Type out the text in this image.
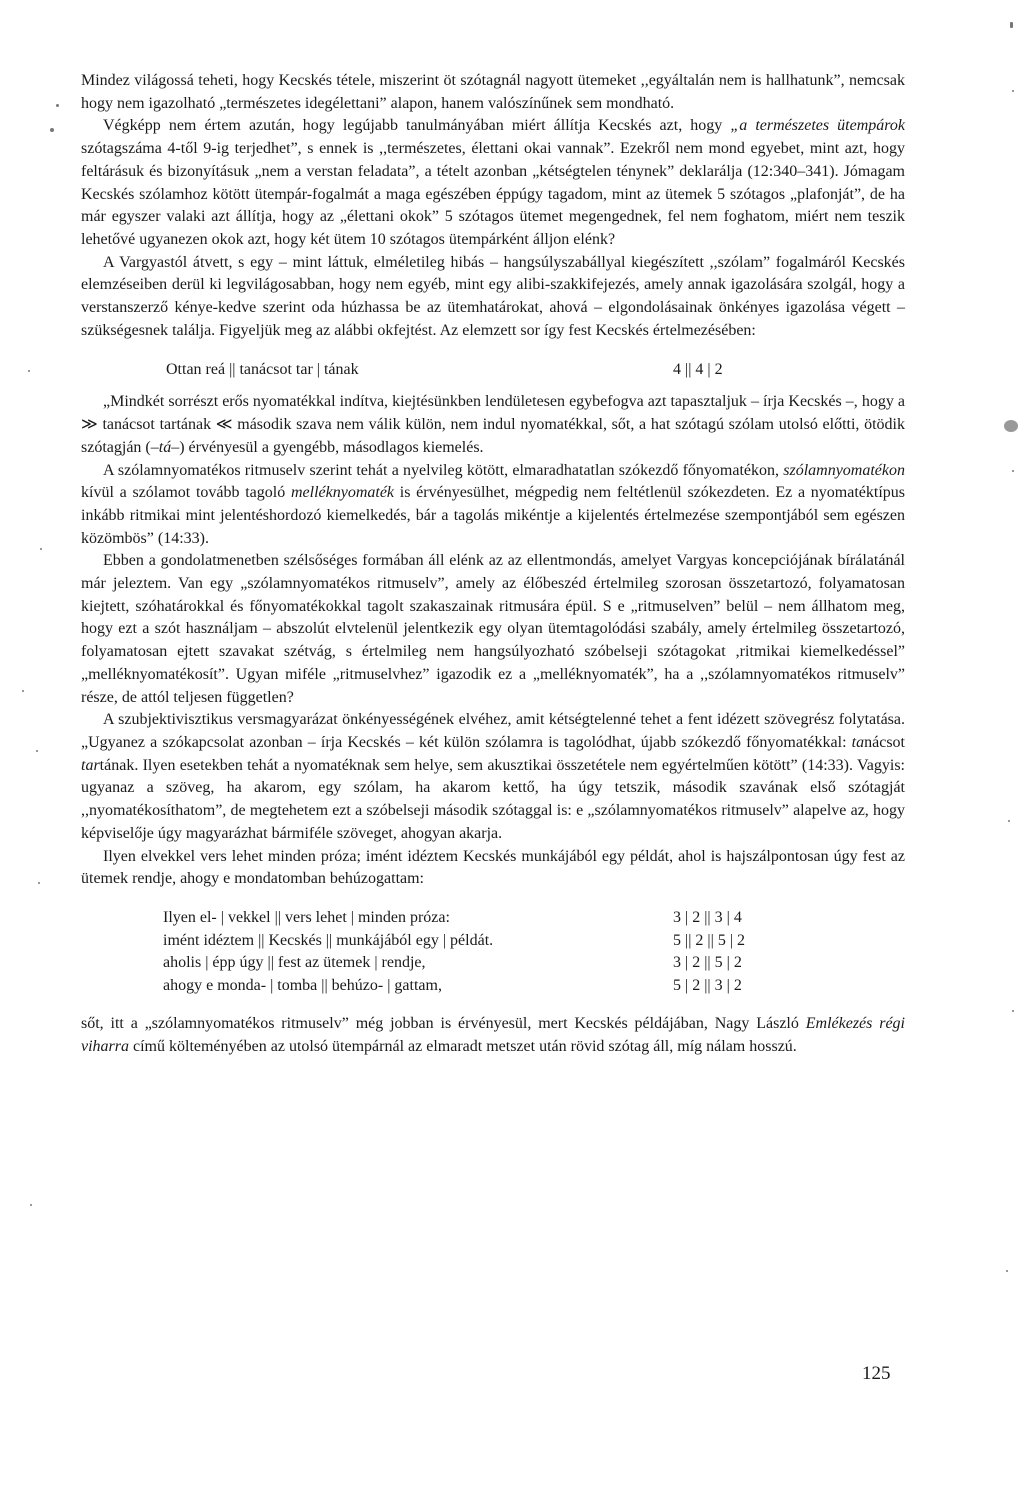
Mindez világossá teheti, hogy Kecskés tétele, miszerint öt szótagnál nagyott ütemeket ,,egyáltalán nem is hallhatunk”, nemcsak hogy nem igazolható „természetes idegélettani” alapon, hanem valószínűnek sem mondható.

Végképp nem értem azután, hogy legújabb tanulmányában miért állítja Kecskés azt, hogy „a természetes ütempárok szótagszáma 4-től 9-ig terjedhet”, s ennek is ,,természetes, élettani okai vannak”. Ezekről nem mond egyebet, mint azt, hogy feltárásuk és bizonyításuk „nem a verstan feladata”, a tételt azonban „kétségtelen ténynek” deklarálja (12:340–341). Jómagam Kecskés szólamhoz kötött ütempár-fogalmát a maga egészében éppúgy tagadom, mint az ütemek 5 szótagos „plafonját”, de ha már egyszer valaki azt állítja, hogy az „élettani okok” 5 szótagos ütemet megengednek, fel nem foghatom, miért nem teszik lehetővé ugyanezen okok azt, hogy két ütem 10 szótagos ütempárként álljon elénk?

A Vargyastól átvett, s egy – mint láttuk, elméletileg hibás – hangsúlyszabállyal kiegészített ,,szólam” fogalmáról Kecskés elemzéseiben derül ki legvilágosabban, hogy nem egyéb, mint egy alibi-szakkifejezés, amely annak igazolására szolgál, hogy a verstanszerző kénye-kedve szerint oda húzhassa be az ütemhatárokat, ahová – elgondolásainak önkényes igazolása végett – szükségesnek találja. Figyeljük meg az alábbi okfejtést. Az elemzett sor így fest Kecskés értelmezésében:

Ottan reá || tanácsot tar | tának	4 || 4 | 2

„Mindkét sorrészt erős nyomatékkal indítva, kiejtésünkben lendületesen egybefogva azt tapasztaljuk – írja Kecskés –, hogy a ≫ tanácsot tartának ≪ második szava nem válik külön, nem indul nyomatékkal, sőt, a hat szótagú szólam utolsó előtti, ötödik szótagján (–tá–) érvényesül a gyengébb, másodlagos kiemelés.

A szólamnyomatékos ritmuselv szerint tehát a nyelvileg kötött, elmaradhatatlan szókezdő főnyomatékon, szólamnyomatékon kívül a szólamot tovább tagoló melléknyomaték is érvényesülhet, mégpedig nem feltétlenül szókezdeten. Ez a nyomatéktípus inkább ritmikai mint jelentéshordozó kiemelkedés, bár a tagolás mikéntje a kijelentés értelmezése szempontjából sem egészen közömbös” (14:33).

Ebben a gondolatmenetben szélsőséges formában áll elénk az az ellentmondás, amelyet Vargyas koncepciójának bírálatánál már jeleztem. Van egy „szólamnyomatékos ritmuselv”, amely az élőbeszéd értelmileg szorosan összetartozó, folyamatosan kiejtett, szóhatárokkal és főnyomatékokkal tagolt szakaszainak ritmusára épül. S e „ritmuselven” belül – nem állhatom meg, hogy ezt a szót használjam – abszolút elvtelenül jelentkezik egy olyan ütemtagolódási szabály, amely értelmileg összetartozó, folyamatosan ejtett szavakat szétvág, s értelmileg nem hangsúlyozható szóbelseji szótagokat ,ritmikai kiemelkedéssel” „melléknyomatékosít”. Ugyan miféle „ritmuselvhez” igazodik ez a „melléknyomaték”, ha a ,,szólamnyomatékos ritmuselv” része, de attól teljesen független?

A szubjektivisztikus versmagyarázat önkényességének elvéhez, amit kétségtelenné tehet a fent idézett szövegrész folytatása. „Ugyanez a szókapcsolat azonban – írja Kecskés – két külön szólamra is tagolódhat, újabb szókezdő főnyomatékkal: tanácsot tartának. Ilyen esetekben tehát a nyomatéknak sem helye, sem akusztikai összetétele nem egyértelműen kötött” (14:33). Vagyis: ugyanaz a szöveg, ha akarom, egy szólam, ha akarom kettő, ha úgy tetszik, második szavának első szótagját ,,nyomatékosíthatom”, de megtehetem ezt a szóbelseji második szótaggal is: e „szólamnyomatékos ritmuselv” alapelve az, hogy képviselője úgy magyarázhat bármiféle szöveget, ahogyan akarja.

Ilyen elvekkel vers lehet minden próza; imént idéztem Kecskés munkájából egy példát, ahol is hajszálpontosan úgy fest az ütemek rendje, ahogy e mondatomban behúzogattam:

Ilyen el- | vekkel || vers lehet | minden próza:	3 | 2 || 3 | 4
imént idéztem || Kecskés || munkájából egy | példát.	5 || 2 || 5 | 2
aholis | épp úgy || fest az ütemek | rendje,	3 | 2 || 5 | 2
ahogy e monda- | tomba || behúzo- | gattam,	5 | 2 || 3 | 2

sőt, itt a „szólamnyomatékos ritmuselv” még jobban is érvényesül, mert Kecskés példájában, Nagy László Emlékezés régi viharra című költeményében az utolsó ütempárnál az elmaradt metszet után rövid szótag áll, míg nálam hosszú.

125
